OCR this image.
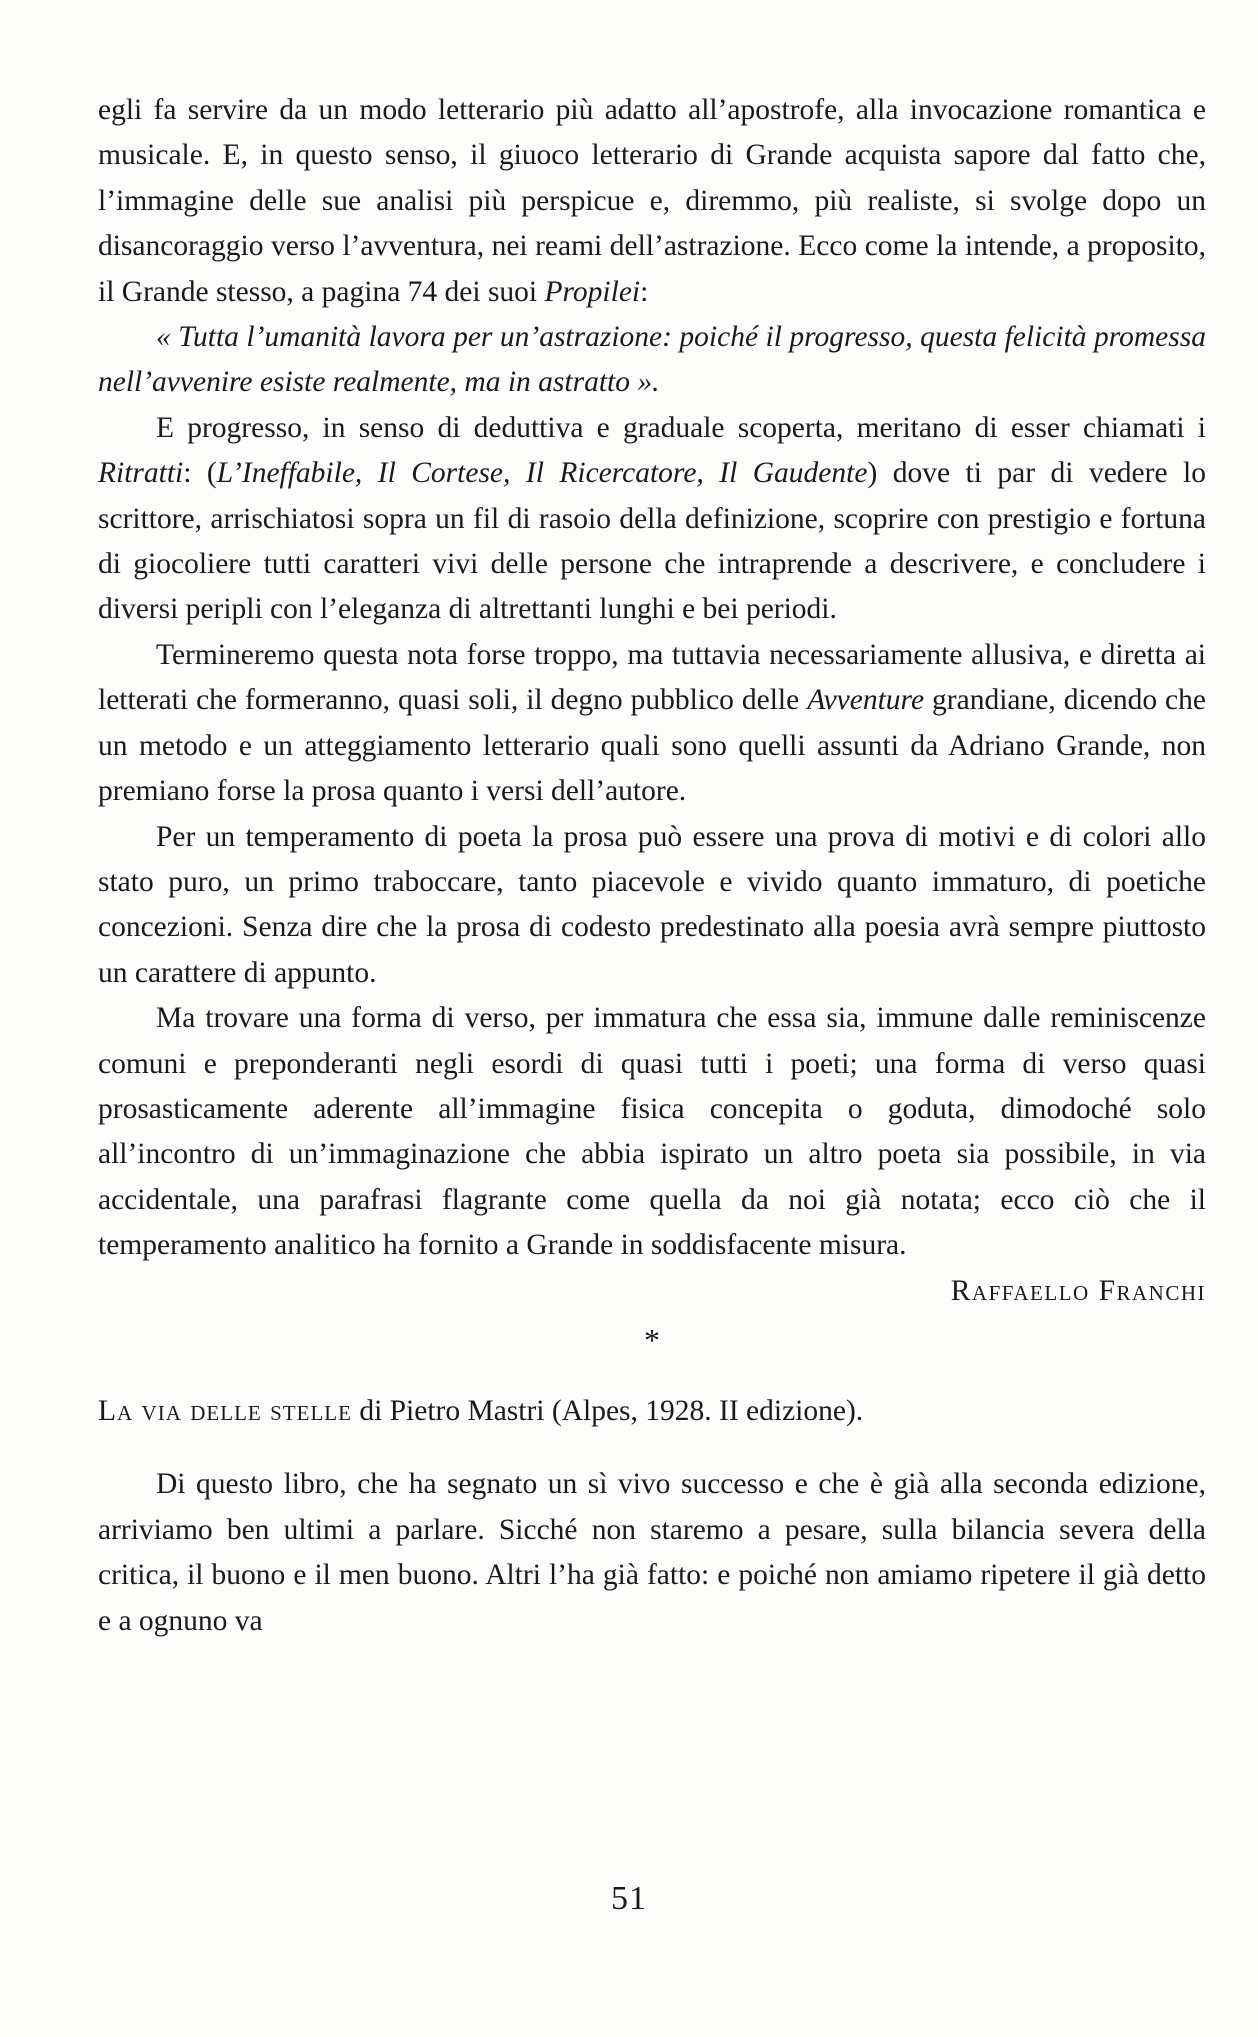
egli fa servire da un modo letterario più adatto all’apostrofe, alla invocazione romantica e musicale. E, in questo senso, il giuoco letterario di Grande acquista sapore dal fatto che, l’immagine delle sue analisi più perspicue e, diremmo, più realiste, si svolge dopo un disancoraggio verso l’avventura, nei reami dell’astrazione. Ecco come la intende, a proposito, il Grande stesso, a pagina 74 dei suoi Propilei:

« Tutta l’umanità lavora per un’astrazione: poiché il progresso, questa felicità promessa nell’avvenire esiste realmente, ma in astratto ».

E progresso, in senso di deduttiva e graduale scoperta, meritano di esser chiamati i Ritratti: (L’Ineffabile, Il Cortese, Il Ricercatore, Il Gaudente) dove ti par di vedere lo scrittore, arrischiatosi sopra un fil di rasoio della definizione, scoprire con prestigio e fortuna di giocoliere tutti caratteri vivi delle persone che intraprende a descrivere, e concludere i diversi peripli con l’eleganza di altrettanti lunghi e bei periodi.

Termineremo questa nota forse troppo, ma tuttavia necessariamente allusiva, e diretta ai letterati che formeranno, quasi soli, il degno pubblico delle Avventure grandiane, dicendo che un metodo e un atteggiamento letterario quali sono quelli assunti da Adriano Grande, non premiano forse la prosa quanto i versi dell’autore.

Per un temperamento di poeta la prosa può essere una prova di motivi e di colori allo stato puro, un primo traboccare, tanto piacevole e vivido quanto immaturo, di poetiche concezioni. Senza dire che la prosa di codesto predestinato alla poesia avrà sempre piuttosto un carattere di appunto.

Ma trovare una forma di verso, per immatura che essa sia, immune dalle reminiscenze comuni e preponderanti negli esordi di quasi tutti i poeti; una forma di verso quasi prosasticamente aderente all’immagine fisica concepita o goduta, dimodoché solo all’incontro di un’immaginazione che abbia ispirato un altro poeta sia possibile, in via accidentale, una parafrasi flagrante come quella da noi già notata; ecco ciò che il temperamento analitico ha fornito a Grande in soddisfacente misura.

Raffaello Franchi

*

La via delle stelle di Pietro Mastri (Alpes, 1928. II edizione).

Di questo libro, che ha segnato un sì vivo successo e che è già alla seconda edizione, arriviamo ben ultimi a parlare. Sicché non staremo a pesare, sulla bilancia severa della critica, il buono e il men buono. Altri l’ha già fatto: e poiché non amiamo ripetere il già detto e a ognuno va

51
